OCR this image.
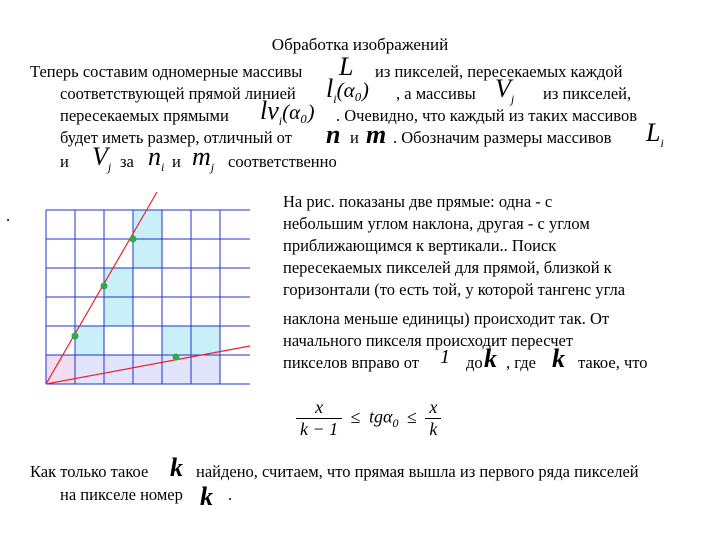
Обработка изображений
Теперь составим одномерные массивы L из пикселей, пересекаемых каждой
соответствующей прямой линией $l_i(\alpha_0)$ , а массивы $V_j$ из пикселей,
пересекаемых прямыми $lv_i(\alpha_0)$ . Очевидно, что каждый из таких массивов
будет иметь размер, отличный от n и m . Обозначим размеры массивов $L_i$
и $V_j$ за $n_i$ и $m_j$ соответственно
.
На рис. показаны две прямые: одна - с
небольшим углом наклона, другая - с углом
приближающимся к вертикали.. Поиск
пересекаемых пикселей для прямой, близкой к
горизонтали (то есть той, у которой тангенс угла
наклона меньше единицы) происходит так. От
начального пикселя происходит пересчет
пикселов вправо от 1 до k , где k такое, что
$\frac{x}{k - 1} \le tg\alpha_0 \le \frac{x}{k}$
Как только такое k найдено, считаем, что прямая вышла из первого ряда пикселей
на пикселе номер k .
